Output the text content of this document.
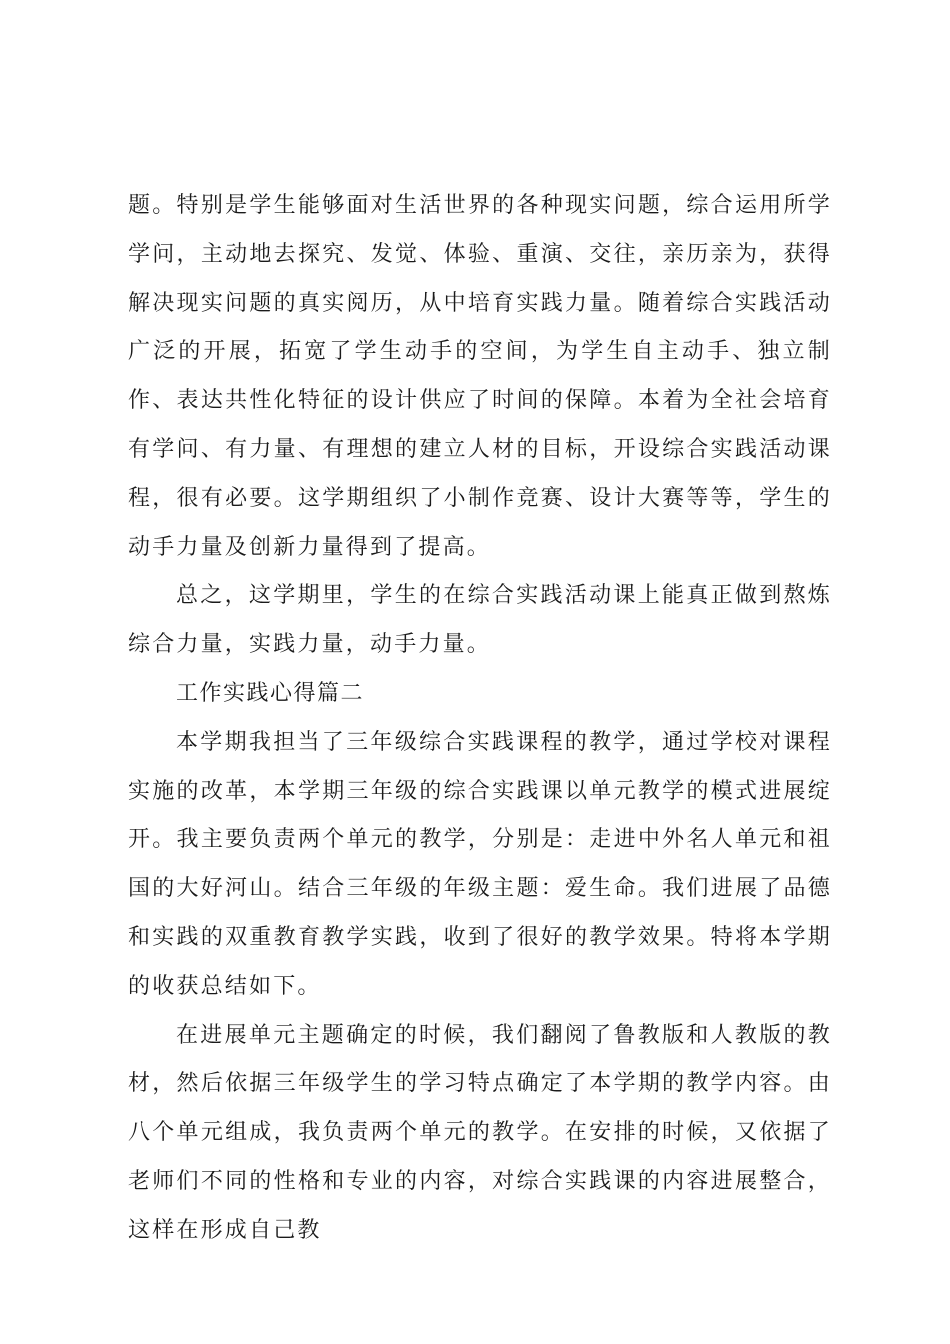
题。特别是学生能够面对生活世界的各种现实问题，综合运用所学学问，主动地去探究、发觉、体验、重演、交往，亲历亲为，获得解决现实问题的真实阅历，从中培育实践力量。随着综合实践活动广泛的开展，拓宽了学生动手的空间，为学生自主动手、独立制作、表达共性化特征的设计供应了时间的保障。本着为全社会培育有学问、有力量、有理想的建立人材的目标，开设综合实践活动课程，很有必要。这学期组织了小制作竞赛、设计大赛等等，学生的动手力量及创新力量得到了提高。

总之，这学期里，学生的在综合实践活动课上能真正做到熬炼综合力量，实践力量，动手力量。

工作实践心得篇二

本学期我担当了三年级综合实践课程的教学，通过学校对课程实施的改革，本学期三年级的综合实践课以单元教学的模式进展绽开。我主要负责两个单元的教学，分别是：走进中外名人单元和祖国的大好河山。结合三年级的年级主题：爱生命。我们进展了品德和实践的双重教育教学实践，收到了很好的教学效果。特将本学期的收获总结如下。

在进展单元主题确定的时候，我们翻阅了鲁教版和人教版的教材，然后依据三年级学生的学习特点确定了本学期的教学内容。由八个单元组成，我负责两个单元的教学。在安排的时候，又依据了老师们不同的性格和专业的内容，对综合实践课的内容进展整合，这样在形成自己教
